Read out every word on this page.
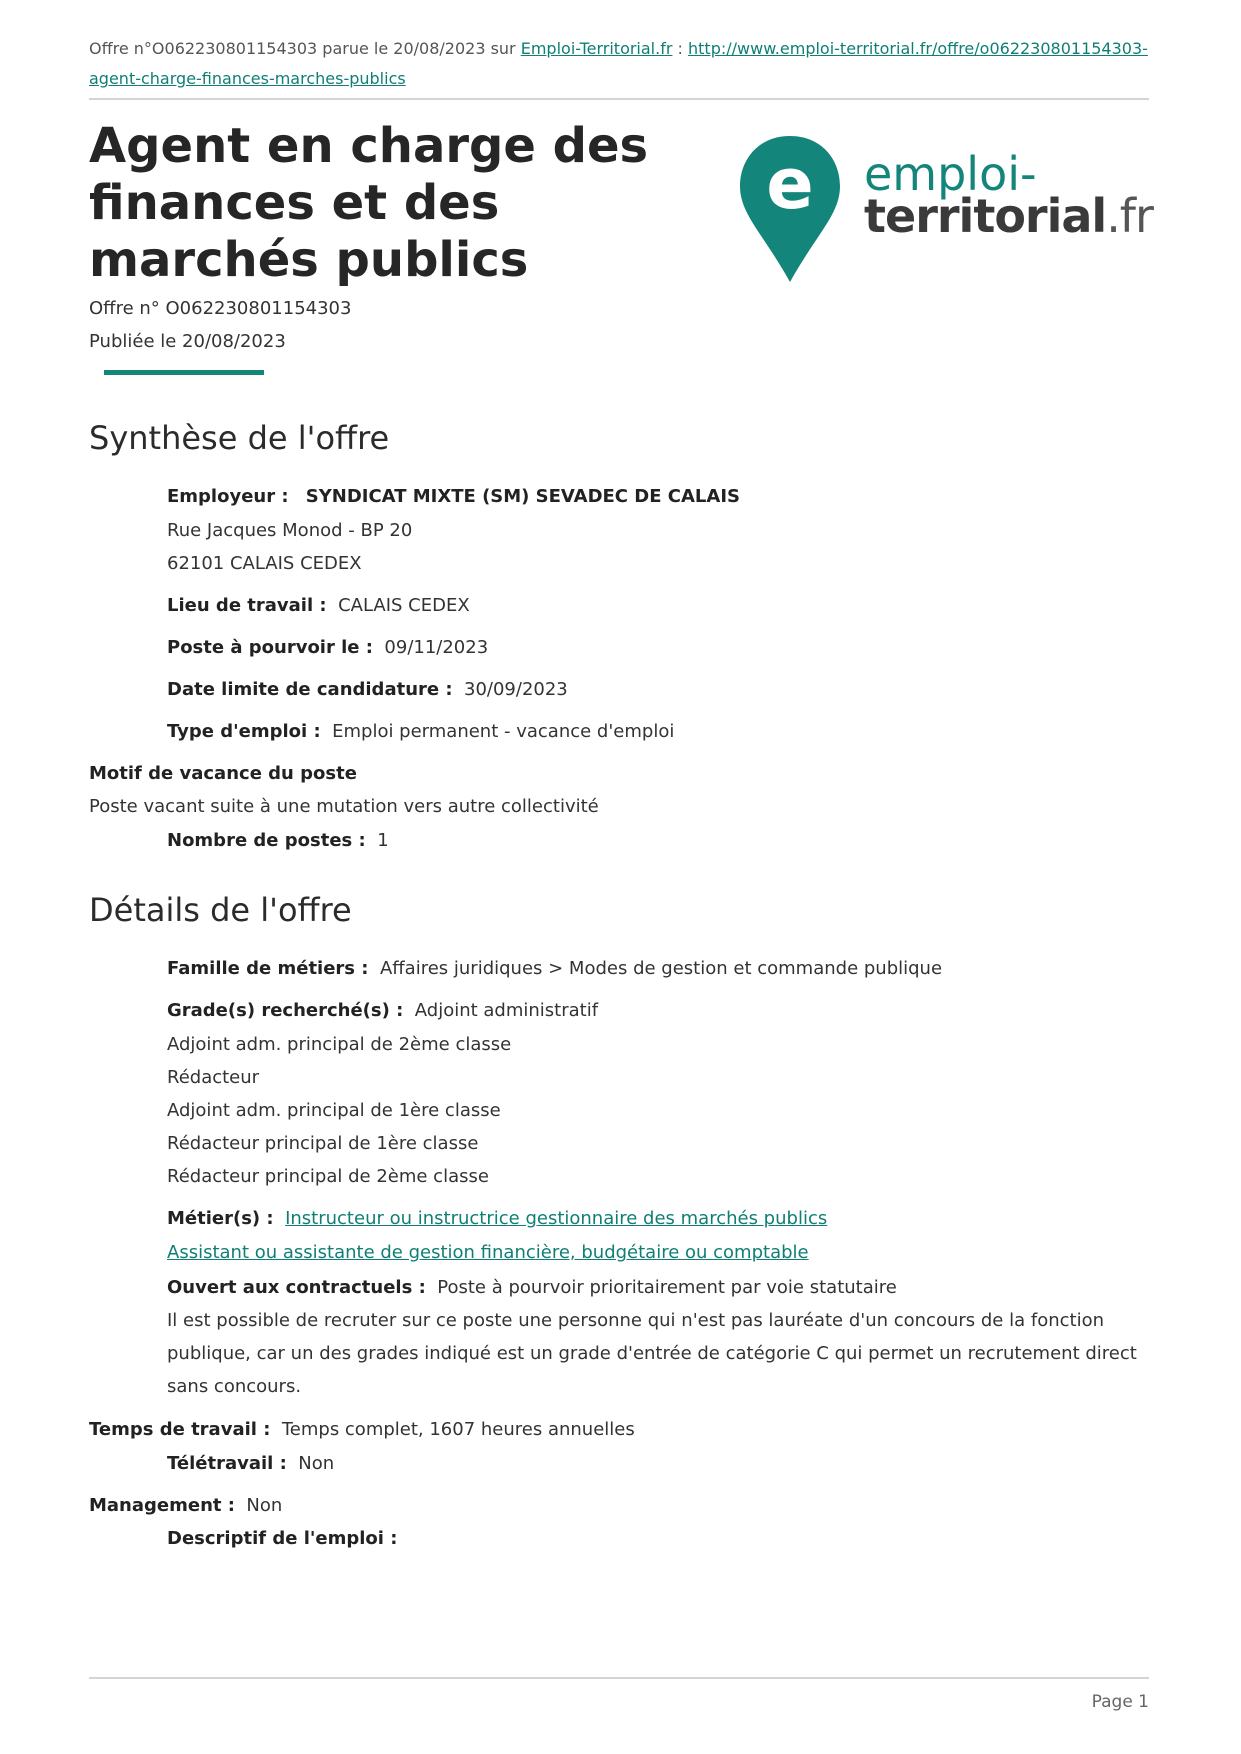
Offre n°O062230801154303 parue le 20/08/2023 sur Emploi-Territorial.fr : http://www.emploi-territorial.fr/offre/o062230801154303-agent-charge-finances-marches-publics
Agent en charge des finances et des marchés publics
Offre n° O062230801154303
Publiée le 20/08/2023
e emploi-
territorial.fr
Synthèse de l'offre
Employeur : SYNDICAT MIXTE (SM) SEVADEC DE CALAIS
Rue Jacques Monod - BP 20
62101 CALAIS CEDEX
Lieu de travail : CALAIS CEDEX
Poste à pourvoir le : 09/11/2023
Date limite de candidature : 30/09/2023
Type d'emploi : Emploi permanent - vacance d'emploi
Motif de vacance du poste
Poste vacant suite à une mutation vers autre collectivité
Nombre de postes : 1
Détails de l'offre
Famille de métiers : Affaires juridiques > Modes de gestion et commande publique
Grade(s) recherché(s) : Adjoint administratif
Adjoint adm. principal de 2ème classe
Rédacteur
Adjoint adm. principal de 1ère classe
Rédacteur principal de 1ère classe
Rédacteur principal de 2ème classe
Métier(s) : Instructeur ou instructrice gestionnaire des marchés publics
Assistant ou assistante de gestion financière, budgétaire ou comptable
Ouvert aux contractuels : Poste à pourvoir prioritairement par voie statutaire
Il est possible de recruter sur ce poste une personne qui n'est pas lauréate d'un concours de la fonction publique, car un des grades indiqué est un grade d'entrée de catégorie C qui permet un recrutement direct sans concours.
Temps de travail : Temps complet, 1607 heures annuelles
Télétravail : Non
Management : Non
Descriptif de l'emploi :
Page 1
